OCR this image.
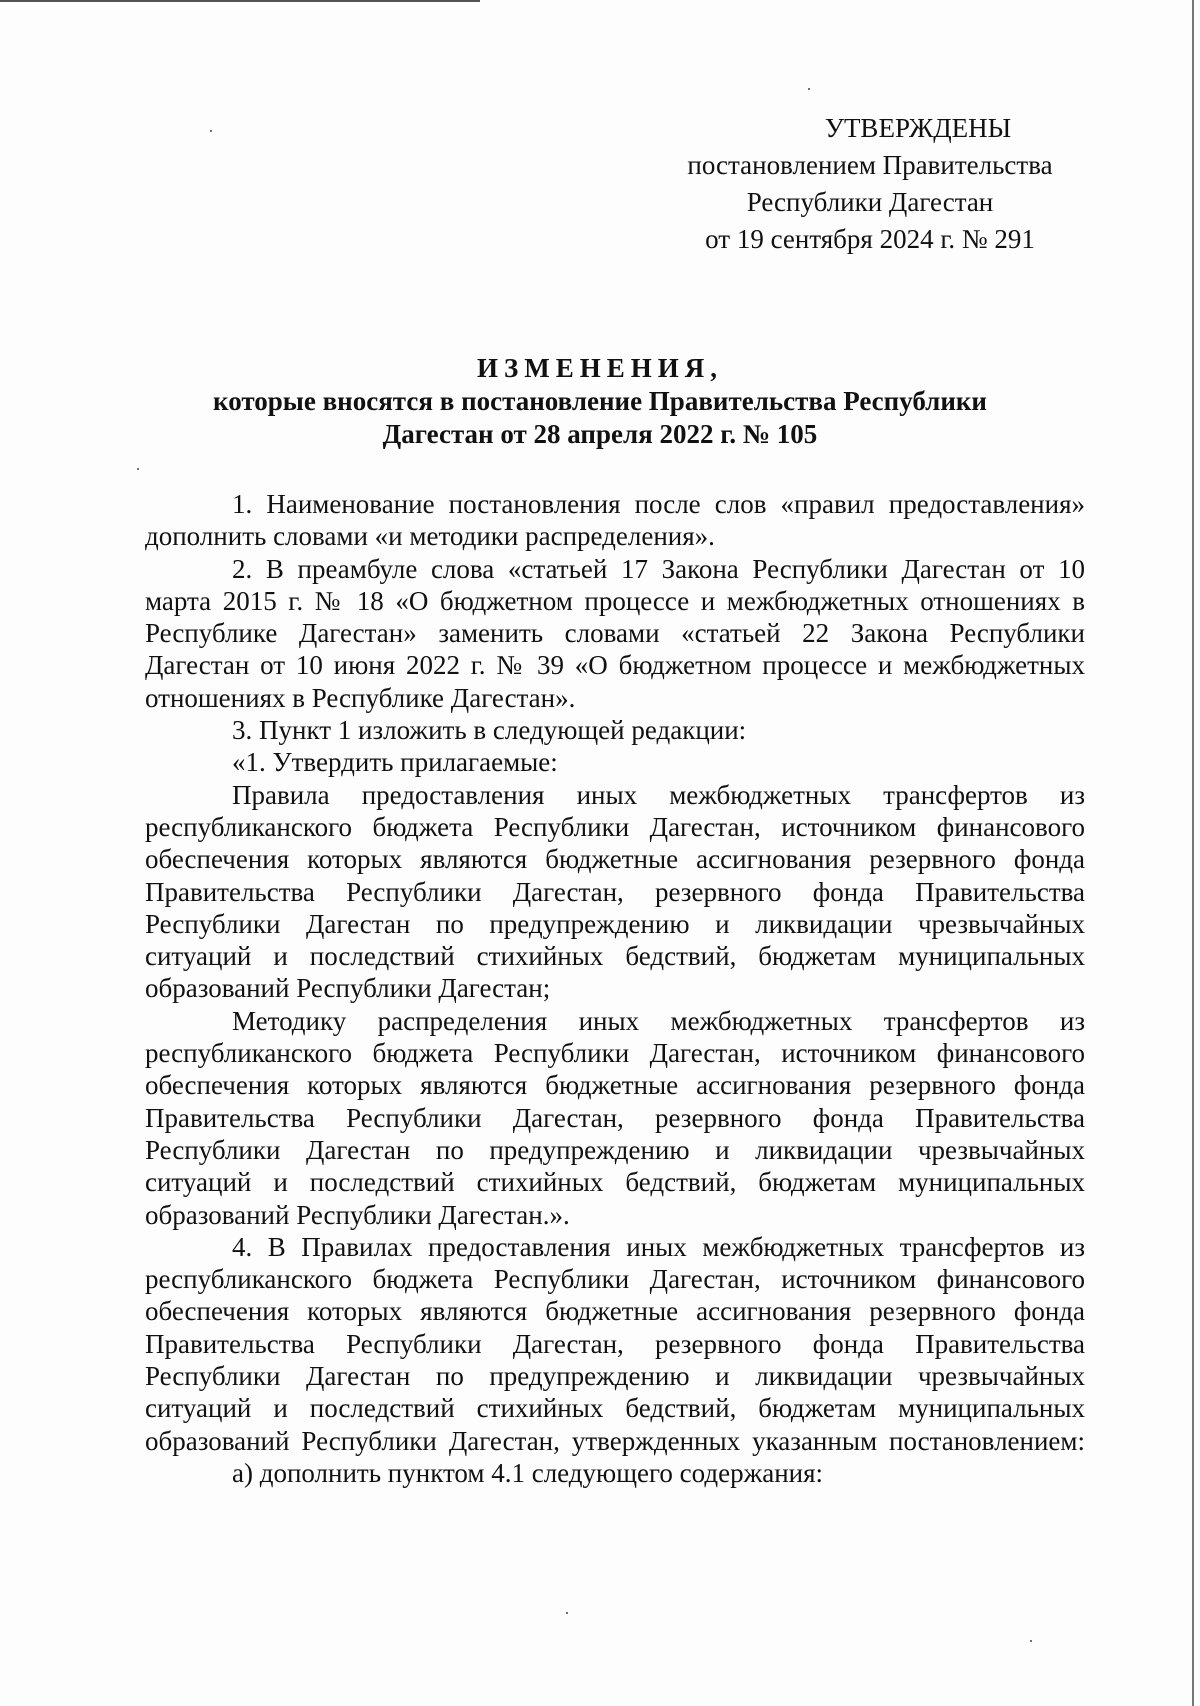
УТВЕРЖДЕНЫ
постановлением Правительства
Республики Дагестан
от 19 сентября 2024 г. № 291
ИЗМЕНЕНИЯ,
которые вносятся в постановление Правительства Республики
Дагестан от 28 апреля 2022 г. № 105

1. Наименование постановления после слов «правил предоставления» дополнить словами «и методики распределения».

2. В преамбуле слова «статьей 17 Закона Республики Дагестан от 10 марта 2015 г. № 18 «О бюджетном процессе и межбюджетных отношениях в Республике Дагестан» заменить словами «статьей 22 Закона Республики Дагестан от 10 июня 2022 г. № 39 «О бюджетном процессе и межбюджетных отношениях в Республике Дагестан».

3. Пункт 1 изложить в следующей редакции:

«1. Утвердить прилагаемые:

Правила предоставления иных межбюджетных трансфертов из республиканского бюджета Республики Дагестан, источником финансового обеспечения которых являются бюджетные ассигнования резервного фонда Правительства Республики Дагестан, резервного фонда Правительства Республики Дагестан по предупреждению и ликвидации чрезвычайных ситуаций и последствий стихийных бедствий, бюджетам муниципальных образований Республики Дагестан;

Методику распределения иных межбюджетных трансфертов из республиканского бюджета Республики Дагестан, источником финансового обеспечения которых являются бюджетные ассигнования резервного фонда Правительства Республики Дагестан, резервного фонда Правительства Республики Дагестан по предупреждению и ликвидации чрезвычайных ситуаций и последствий стихийных бедствий, бюджетам муниципальных образований Республики Дагестан.».

4. В Правилах предоставления иных межбюджетных трансфертов из республиканского бюджета Республики Дагестан, источником финансового обеспечения которых являются бюджетные ассигнования резервного фонда Правительства Республики Дагестан, резервного фонда Правительства Республики Дагестан по предупреждению и ликвидации чрезвычайных ситуаций и последствий стихийных бедствий, бюджетам муниципальных образований Республики Дагестан, утвержденных указанным постановлением:

а) дополнить пунктом 4.1 следующего содержания:
